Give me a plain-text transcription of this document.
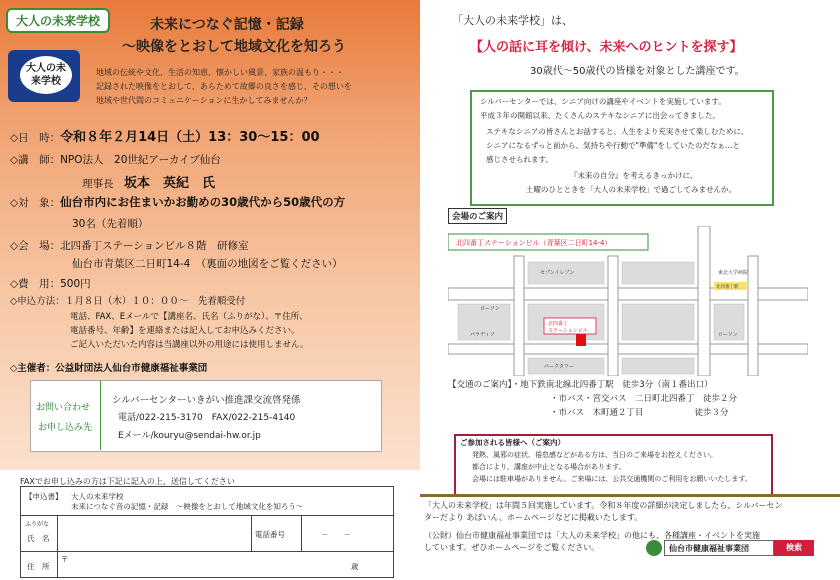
大人の未来学校	未来につなぐ記憶・記録
～映像をとおして地域文化を知ろう
大人の未来学校
地域の伝統や文化、生活の知恵、懐かしい風景、家族の温もり・・・
記録された映像をとおして、あらためて故郷の良さを感じ、その想いを
地域や世代間のコミュニケーションに生かしてみませんか？
◇日　時：令和８年２月14日（土）13：30～15：00
◇講　師：NPO法人　20世紀アーカイブ仙台
理事長　 坂本　英紀　氏
◇対　象：仙台市内にお住まいかお勤めの30歳代から50歳代の方
30名（先着順）
◇会　場：北四番丁ステーションビル８階　研修室
仙台市青葉区二日町14-4　（裏面の地図をご覧ください）
◇費　用：500円
◇申込方法：１月８日（木）１０：００～　先着順受付
電話、FAX、Eメールで【講座名、氏名（ふりがな）、〒住所、
電話番号、年齢】を連絡または記入してお申込みください。
ご記入いただいた内容は当講座以外の用途には使用しません。
◇主催者：公益財団法人仙台市健康福祉事業団
お問い合わせ
お申し込み先
シルバーセンターいきがい推進課交流啓発係
電話/022-215-3170　FAX/022-215-4140
Eメール/kouryu@sendai-hw.or.jp
FAXでお申し込みの方は下記に記入の上、送信してください
【申込書】 大人の未来学校
未来につなぐ音の記憶・記録　～映像をとおして地域文化を知ろう～
ふりがな
氏　名	電話番号	－　　－
住　所
〒
歳
「大人の未来学校」は、
【人の話に耳を傾け、未来へのヒントを探す】
30歳代～50歳代の皆様を対象とした講座です。
シルバーセンターでは、シニア向けの講座やイベントを実施しています。
平成３年の開館以来、たくさんのステキなシニアに出会ってきました。
ステキなシニアの皆さんとお話すると、人生をより充実させて楽しむために、
シニアになるずっと前から、気持ちや行動で"準備"をしていたのだなぁ…と
感じさせられます。
『未来の自分』を考えるきっかけに、
土曜のひとときを「大人の未来学校」で過ごしてみませんか。
会場のご案内
北四番丁ステーションビル（青葉区二日町14-4）
北四番丁
ステーションビル
セブンイレブン
ローソン
パラディソ
パークタワー
ローソン
東北大学病院
北四番丁駅
【交通のご案内】・地下鉄南北線北四番丁駅　徒歩3分（南１番出口）
・市バス・宮交バス　二日町北四番丁　徒歩２分
・市バス　木町通２丁目　　　　　　徒歩３分
ご参加される皆様へ（ご案内）
発熱、風邪の症状、倦怠感などがある方は、当日のご来場をお控えください。
都合により、講座が中止となる場合があります。
会場には駐車場がありません。ご来場には、公共交通機関のご利用をお願いいたします。
「大人の未来学校」は年間５回実施しています。令和８年度の詳細が決定しましたら、シルバーセン
ターだより あばいん、ホームページなどに掲載いたします。
（公財）仙台市健康福祉事業団では「大人の未来学校」の他にも、各種講座・イベントを実施
しています。ぜひホームページをご覧ください。	仙台市健康福祉事業団	検索
